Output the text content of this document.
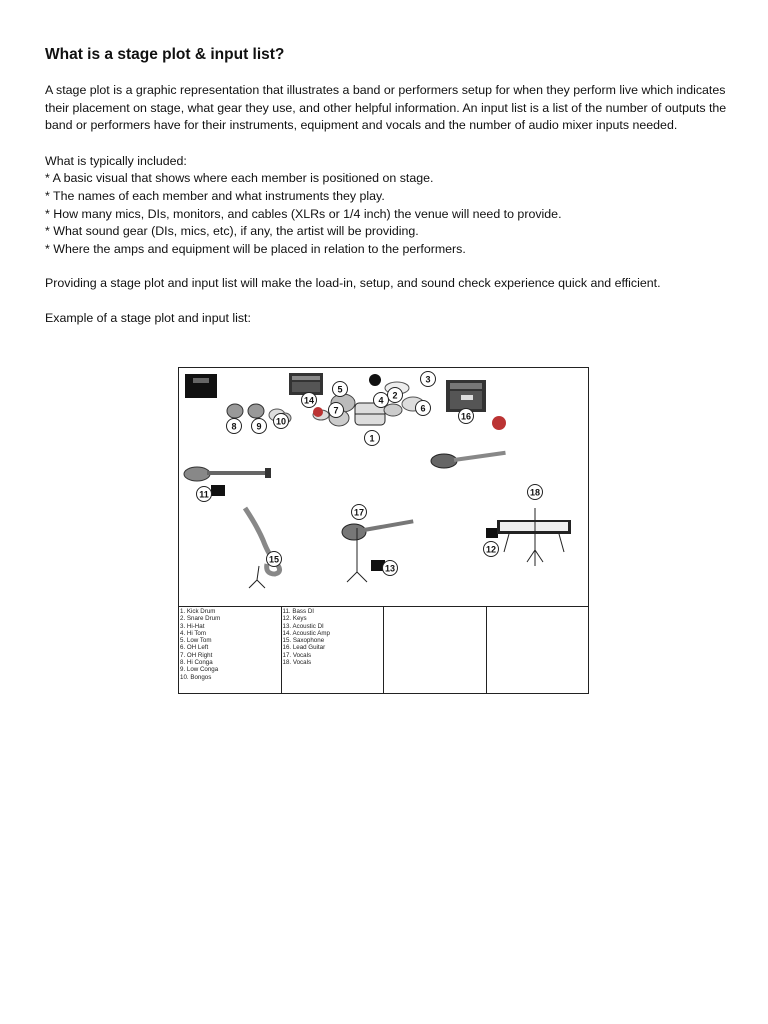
What is a stage plot & input list?

A stage plot is a graphic representation that illustrates a band or performers setup for when they perform live which indicates their placement on stage, what gear they use, and other helpful information. An input list is a list of the number of outputs the band or performers have for their instruments, equipment and vocals and the number of audio mixer inputs needed.

What is typically included:

* A basic visual that shows where each member is positioned on stage.
* The names of each member and what instruments they play.
* How many mics, DIs, monitors, and cables (XLRs or 1/4 inch) the venue will need to provide.
* What sound gear (DIs, mics, etc), if any, the artist will be providing.
* Where the amps and equipment will be placed in relation to the performers.

Providing a stage plot and input list will make the load-in, setup, and sound check experience quick and efficient.

Example of a stage plot and input list:

1
2
3
4
5
6
7
8 9 10
11
12
13
14
15
16
17
18
1. Kick Drum
2. Snare Drum
3. Hi-Hat
4. Hi Tom
5. Low Tom
6. OH Left
7. OH Right
8. Hi Conga
9. Low Conga
10. Bongos
11. Bass DI
12. Keys
13. Acoustic DI
14. Acoustic Amp
15. Saxophone
16. Lead Guitar
17. Vocals
18. Vocals
